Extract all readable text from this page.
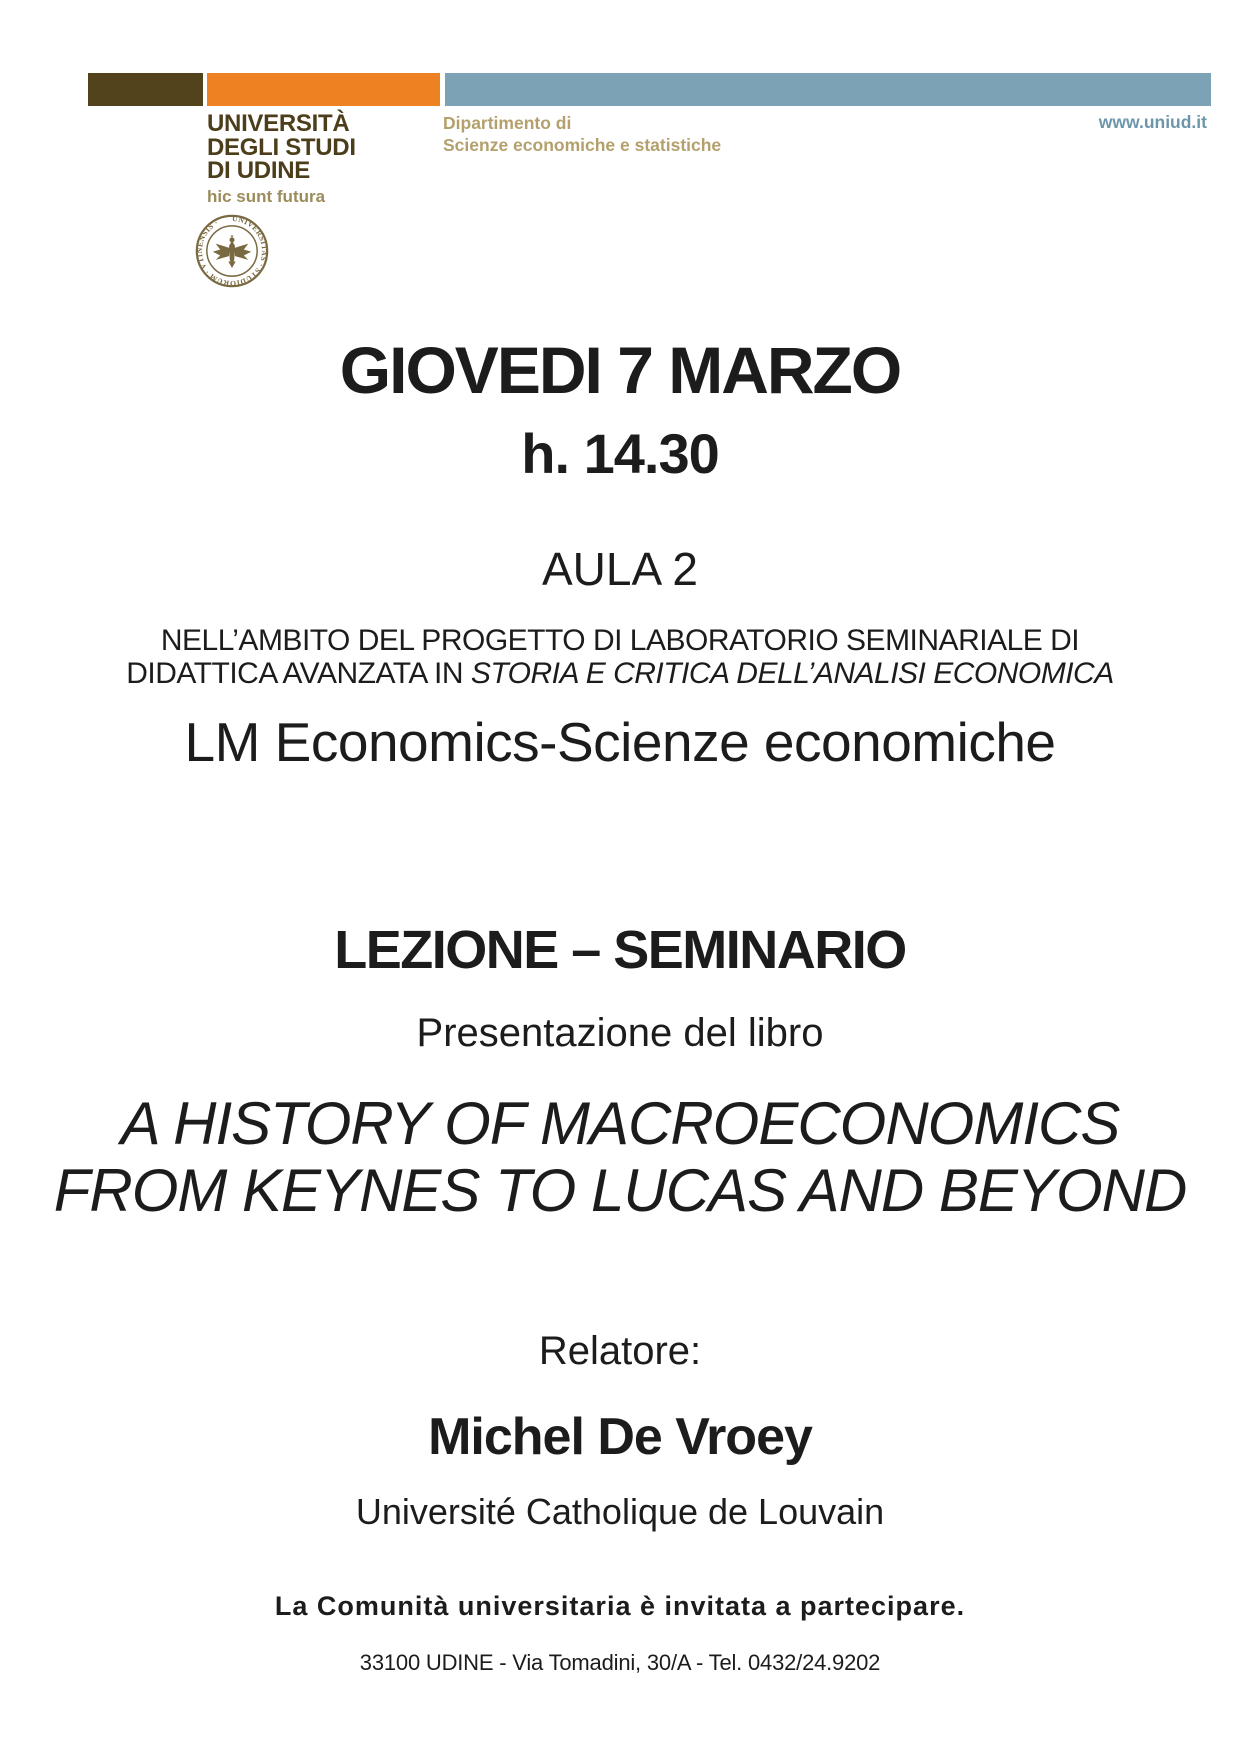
UNIVERSITÀ
DEGLI STUDI
DI UDINE
hic sunt futura
Dipartimento di
Scienze economiche e statistiche
www.uniud.it
UNIVERSITAS · STUDIORUM · VTINENSIS ·
GIOVEDI 7 MARZO
h. 14.30
AULA 2
NELL’AMBITO DEL PROGETTO DI LABORATORIO SEMINARIALE DI
DIDATTICA AVANZATA IN STORIA E CRITICA DELL’ANALISI ECONOMICA
LM Economics-Scienze economiche
LEZIONE – SEMINARIO
Presentazione del libro
A HISTORY OF MACROECONOMICS
FROM KEYNES TO LUCAS AND BEYOND
Relatore:
Michel De Vroey
Université Catholique de Louvain
La Comunità universitaria è invitata a partecipare.
33100 UDINE - Via Tomadini, 30/A - Tel. 0432/24.9202
